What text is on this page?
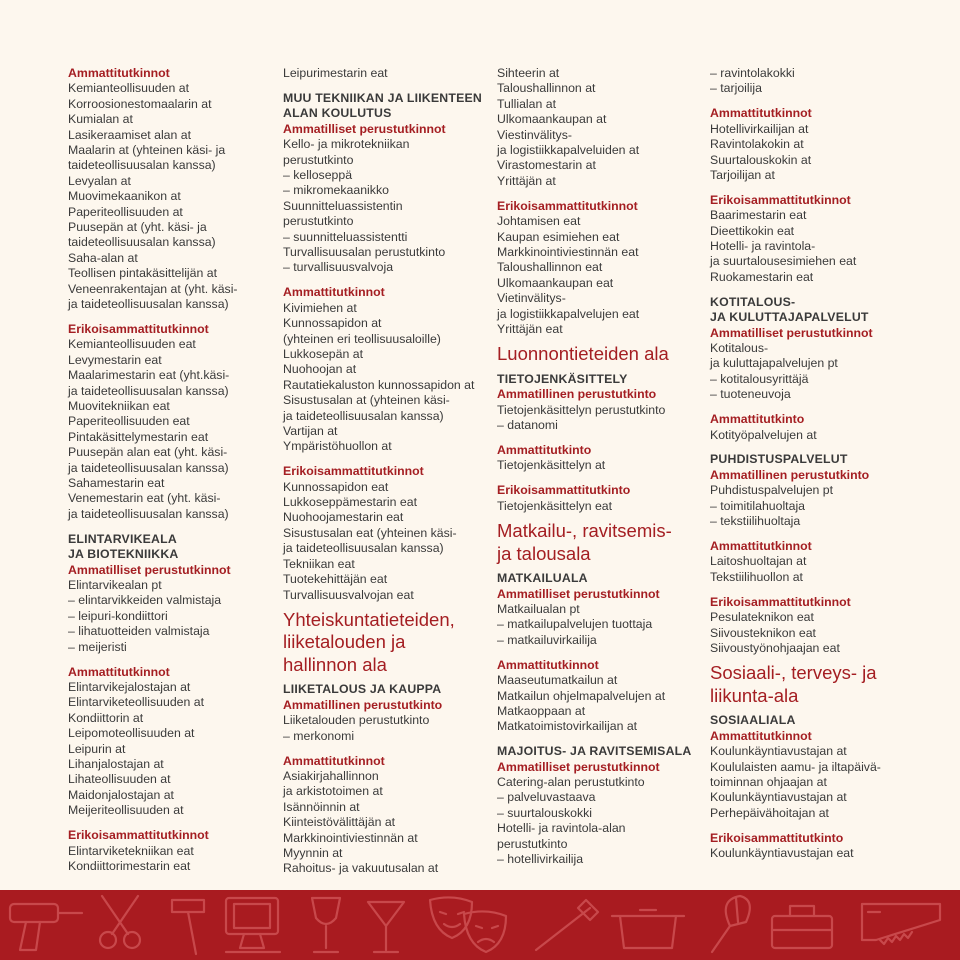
Ammattitutkinnot
Kemianteollisuuden at
Korroosionestomaalarin at
Kumialan at
Lasikeraamiset alan at
Maalarin at (yhteinen käsi- ja
taideteollisuusalan kanssa)
Levyalan at
Muovimekaanikon at
Paperiteollisuuden at
Puusepän at (yht. käsi- ja
taideteollisuusalan kanssa)
Saha-alan at
Teollisen pintakäsittelijän at
Veneenrakentajan at (yht. käsi-
ja taideteollisuusalan kanssa)
Erikoisammattitutkinnot
Kemianteollisuuden eat
Levymestarin eat
Maalarimestarin eat (yht.käsi-
ja taideteollisuusalan kanssa)
Muovitekniikan eat
Paperiteollisuuden eat
Pintakäsittelymestarin eat
Puusepän alan eat (yht. käsi-
ja taideteollisuusalan kanssa)
Sahamestarin eat
Venemestarin eat (yht. käsi-
ja taideteollisuusalan kanssa)
ELINTARVIKEALA
JA BIOTEKNIIKKA
Ammatilliset perustutkinnot
Elintarvikealan pt
– elintarvikkeiden valmistaja
– leipuri-kondiittori
– lihatuotteiden valmistaja
– meijeristi
Ammattitutkinnot
Elintarvikejalostajan at
Elintarviketeollisuuden at
Kondiittorin at
Leipomoteollisuuden at
Leipurin at
Lihanjalostajan at
Lihateollisuuden at
Maidonjalostajan at
Meijeriteollisuuden at
Erikoisammattitutkinnot
Elintarviketekniikan eat
Kondiittorimestarin eat
Leipurimestarin eat
MUU TEKNIIKAN JA LIIKENTEEN
ALAN KOULUTUS
Ammatilliset perustutkinnot
Kello- ja mikrotekniikan
perustutkinto
– kelloseppä
– mikromekaanikko
Suunnitteluassistentin
perustutkinto
– suunnitteluassistentti
Turvallisuusalan perustutkinto
– turvallisuusvalvoja
Ammattitutkinnot
Kivimiehen at
Kunnossapidon at
(yhteinen eri teollisuusaloille)
Lukkosepän at
Nuohoojan at
Rautatiekaluston kunnossapidon at
Sisustusalan at (yhteinen käsi-
ja taideteollisuusalan kanssa)
Vartijan at
Ympäristöhuollon at
Erikoisammattitutkinnot
Kunnossapidon eat
Lukkoseppämestarin eat
Nuohoojamestarin eat
Sisustusalan eat (yhteinen käsi-
ja taideteollisuusalan kanssa)
Tekniikan eat
Tuotekehittäjän eat
Turvallisuusvalvojan eat
Yhteiskuntatieteiden,
liiketalouden ja
hallinnon ala
LIIKETALOUS JA KAUPPA
Ammatillinen perustutkinto
Liiketalouden perustutkinto
– merkonomi
Ammattitutkinnot
Asiakirjahallinnon
ja arkistotoimen at
Isännöinnin at
Kiinteistövälittäjän at
Markkinointiviestinnän at
Myynnin at
Rahoitus- ja vakuutusalan at
Sihteerin at
Taloushallinnon at
Tullialan at
Ulkomaankaupan at
Viestinvälitys-
ja logistiikkapalveluiden at
Virastomestarin at
Yrittäjän at
Erikoisammattitutkinnot
Johtamisen eat
Kaupan esimiehen eat
Markkinointiviestinnän eat
Taloushallinnon eat
Ulkomaankaupan eat
Vietinvälitys-
ja logistiikkapalvelujen eat
Yrittäjän eat
Luonnontieteiden ala
TIETOJENKÄSITTELY
Ammatillinen perustutkinto
Tietojenkäsittelyn perustutkinto
– datanomi
Ammattitutkinto
Tietojenkäsittelyn at
Erikoisammattitutkinto
Tietojenkäsittelyn eat
Matkailu-, ravitsemis-
ja talousala
MATKAILUALA
Ammatilliset perustutkinnot
Matkailualan pt
– matkailupalvelujen tuottaja
– matkailuvirkailija
Ammattitutkinnot
Maaseutumatkailun at
Matkailun ohjelmapalvelujen at
Matkaoppaan at
Matkatoimistovirkailijan at
MAJOITUS- JA RAVITSEMISALA
Ammatilliset perustutkinnot
Catering-alan perustutkinto
– palveluvastaava
– suurtalouskokki
Hotelli- ja ravintola-alan
perustutkinto
– hotellivirkailija
– ravintolakokki
– tarjoilija
Ammattitutkinnot
Hotellivirkailijan at
Ravintolakokin at
Suurtalouskokin at
Tarjoilijan at
Erikoisammattitutkinnot
Baarimestarin eat
Dieettikokin eat
Hotelli- ja ravintola-
ja suurtalousesimiehen eat
Ruokamestarin eat
KOTITALOUS-
JA KULUTTAJAPALVELUT
Ammatilliset perustutkinnot
Kotitalous-
ja kuluttajapalvelujen pt
– kotitalousyrittäjä
– tuoteneuvoja
Ammattitutkinto
Kotityöpalvelujen at
PUHDISTUSPALVELUT
Ammatillinen perustutkinto
Puhdistuspalvelujen pt
– toimitilahuoltaja
– tekstiilihuoltaja
Ammattitutkinnot
Laitoshuoltajan at
Tekstiilihuollon at
Erikoisammattitutkinnot
Pesulateknikon eat
Siivousteknikon eat
Siivoustyönohjaajan eat
Sosiaali-, terveys- ja
liikunta-ala
SOSIAALIALA
Ammattitutkinnot
Koulunkäyntiavustajan at
Koululaisten aamu- ja iltapäivä-
toiminnan ohjaajan at
Koulunkäyntiavustajan at
Perhepäivähoitajan at
Erikoisammattitutkinto
Koulunkäyntiavustajan eat
